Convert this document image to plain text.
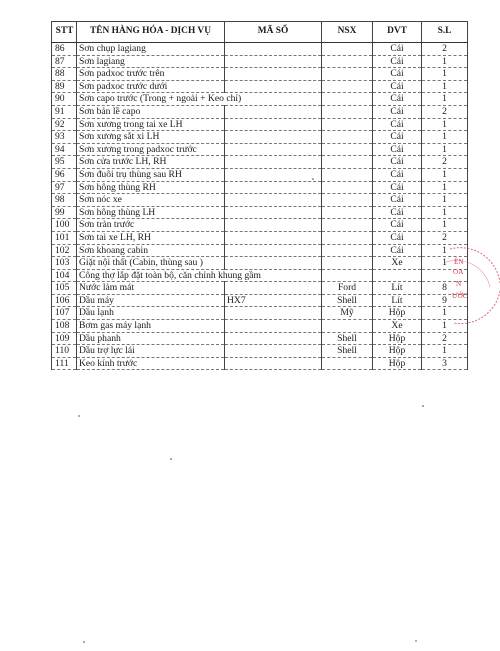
STT	TÊN HÀNG HÓA - DỊCH VỤ	MÃ SỐ	NSX	DVT	S.L
86	Sơn chụp lagiang			Cái	2
87	Sơn lagiang			Cái	1
88	Sơn padxoc trước trên			Cái	1
89	Sơn padxoc trước dưới			Cái	1
90	Sơn capo trước (Trong + ngoài + Keo chỉ)			Cái	1
91	Sơn bản lề capo			Cái	2
92	Sơn xương trong tai xe LH			Cái	1
93	Sơn xương sắt xi LH			Cái	1
94	Sơn xương trong padxoc trước			Cái	1
95	Sơn cửa trước LH, RH			Cái	2
96	Sơn đuôi trụ thùng sau RH			Cái	1
97	Sơn hông thùng RH			Cái	1
98	Sơn nóc xe			Cái	1
99	Sơn hông thùng LH			Cái	1
100	Sơn tràn trước			Cái	1
101	Sơn tai xe LH, RH			Cái	2
102	Sơn khoang cabin			Cái	1
103	Giặt nội thất (Cabin, thùng sau )			Xe	1
104	Công thợ lắp đặt toàn bộ, căn chỉnh khung gầm				
105	Nước làm mát		Ford	Lít	8
106	Dầu máy	HX7	Shell	Lít	9
107	Dầu lạnh		Mỹ	Hộp	1
108	Bơm gas máy lạnh			Xe	1
109	Dầu phanh		Shell	Hộp	2
110	Dầu trợ lực lái		Shell	Hộp	1
111	Keo kính trước			Hộp	3
ÊN
OA
N
ƯỚC
